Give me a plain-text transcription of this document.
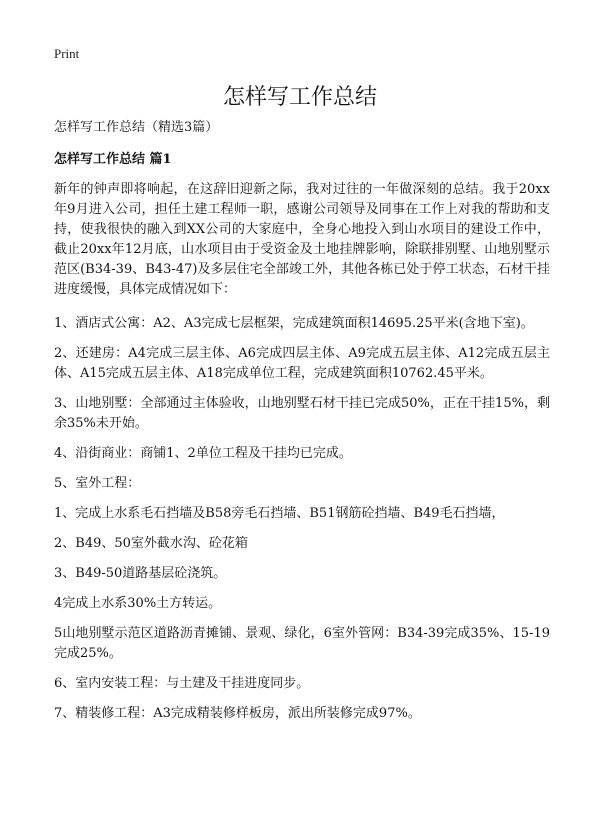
Print
怎样写工作总结

怎样写工作总结（精选3篇）

怎样写工作总结 篇1

新年的钟声即将响起，在这辞旧迎新之际，我对过往的一年做深刻的总结。我于20xx年9月进入公司，担任土建工程师一职，感谢公司领导及同事在工作上对我的帮助和支持，使我很快的融入到XX公司的大家庭中，全身心地投入到山水项目的建设工作中，截止20xx年12月底，山水项目由于受资金及土地挂牌影响，除联排别墅、山地别墅示范区(B34-39、B43-47)及多层住宅全部竣工外，其他各栋已处于停工状态，石材干挂进度缓慢，具体完成情况如下：

1、酒店式公寓：A2、A3完成七层框架，完成建筑面积14695.25平米(含地下室)。

2、还建房：A4完成三层主体、A6完成四层主体、A9完成五层主体、A12完成五层主体、A15完成五层主体、A18完成单位工程，完成建筑面积10762.45平米。

3、山地别墅：全部通过主体验收，山地别墅石材干挂已完成50%，正在干挂15%，剩余35%未开始。

4、沿街商业：商铺1、2单位工程及干挂均已完成。

5、室外工程：

1、完成上水系毛石挡墙及B58旁毛石挡墙、B51钢筋砼挡墙、B49毛石挡墙，

2、B49、50室外截水沟、砼花箱

3、B49-50道路基层砼浇筑。

4完成上水系30%土方转运。

5山地别墅示范区道路沥青摊铺、景观、绿化，6室外管网：B34-39完成35%、15-19完成25%。

6、室内安装工程：与土建及干挂进度同步。

7、精装修工程：A3完成精装修样板房，派出所装修完成97%。
